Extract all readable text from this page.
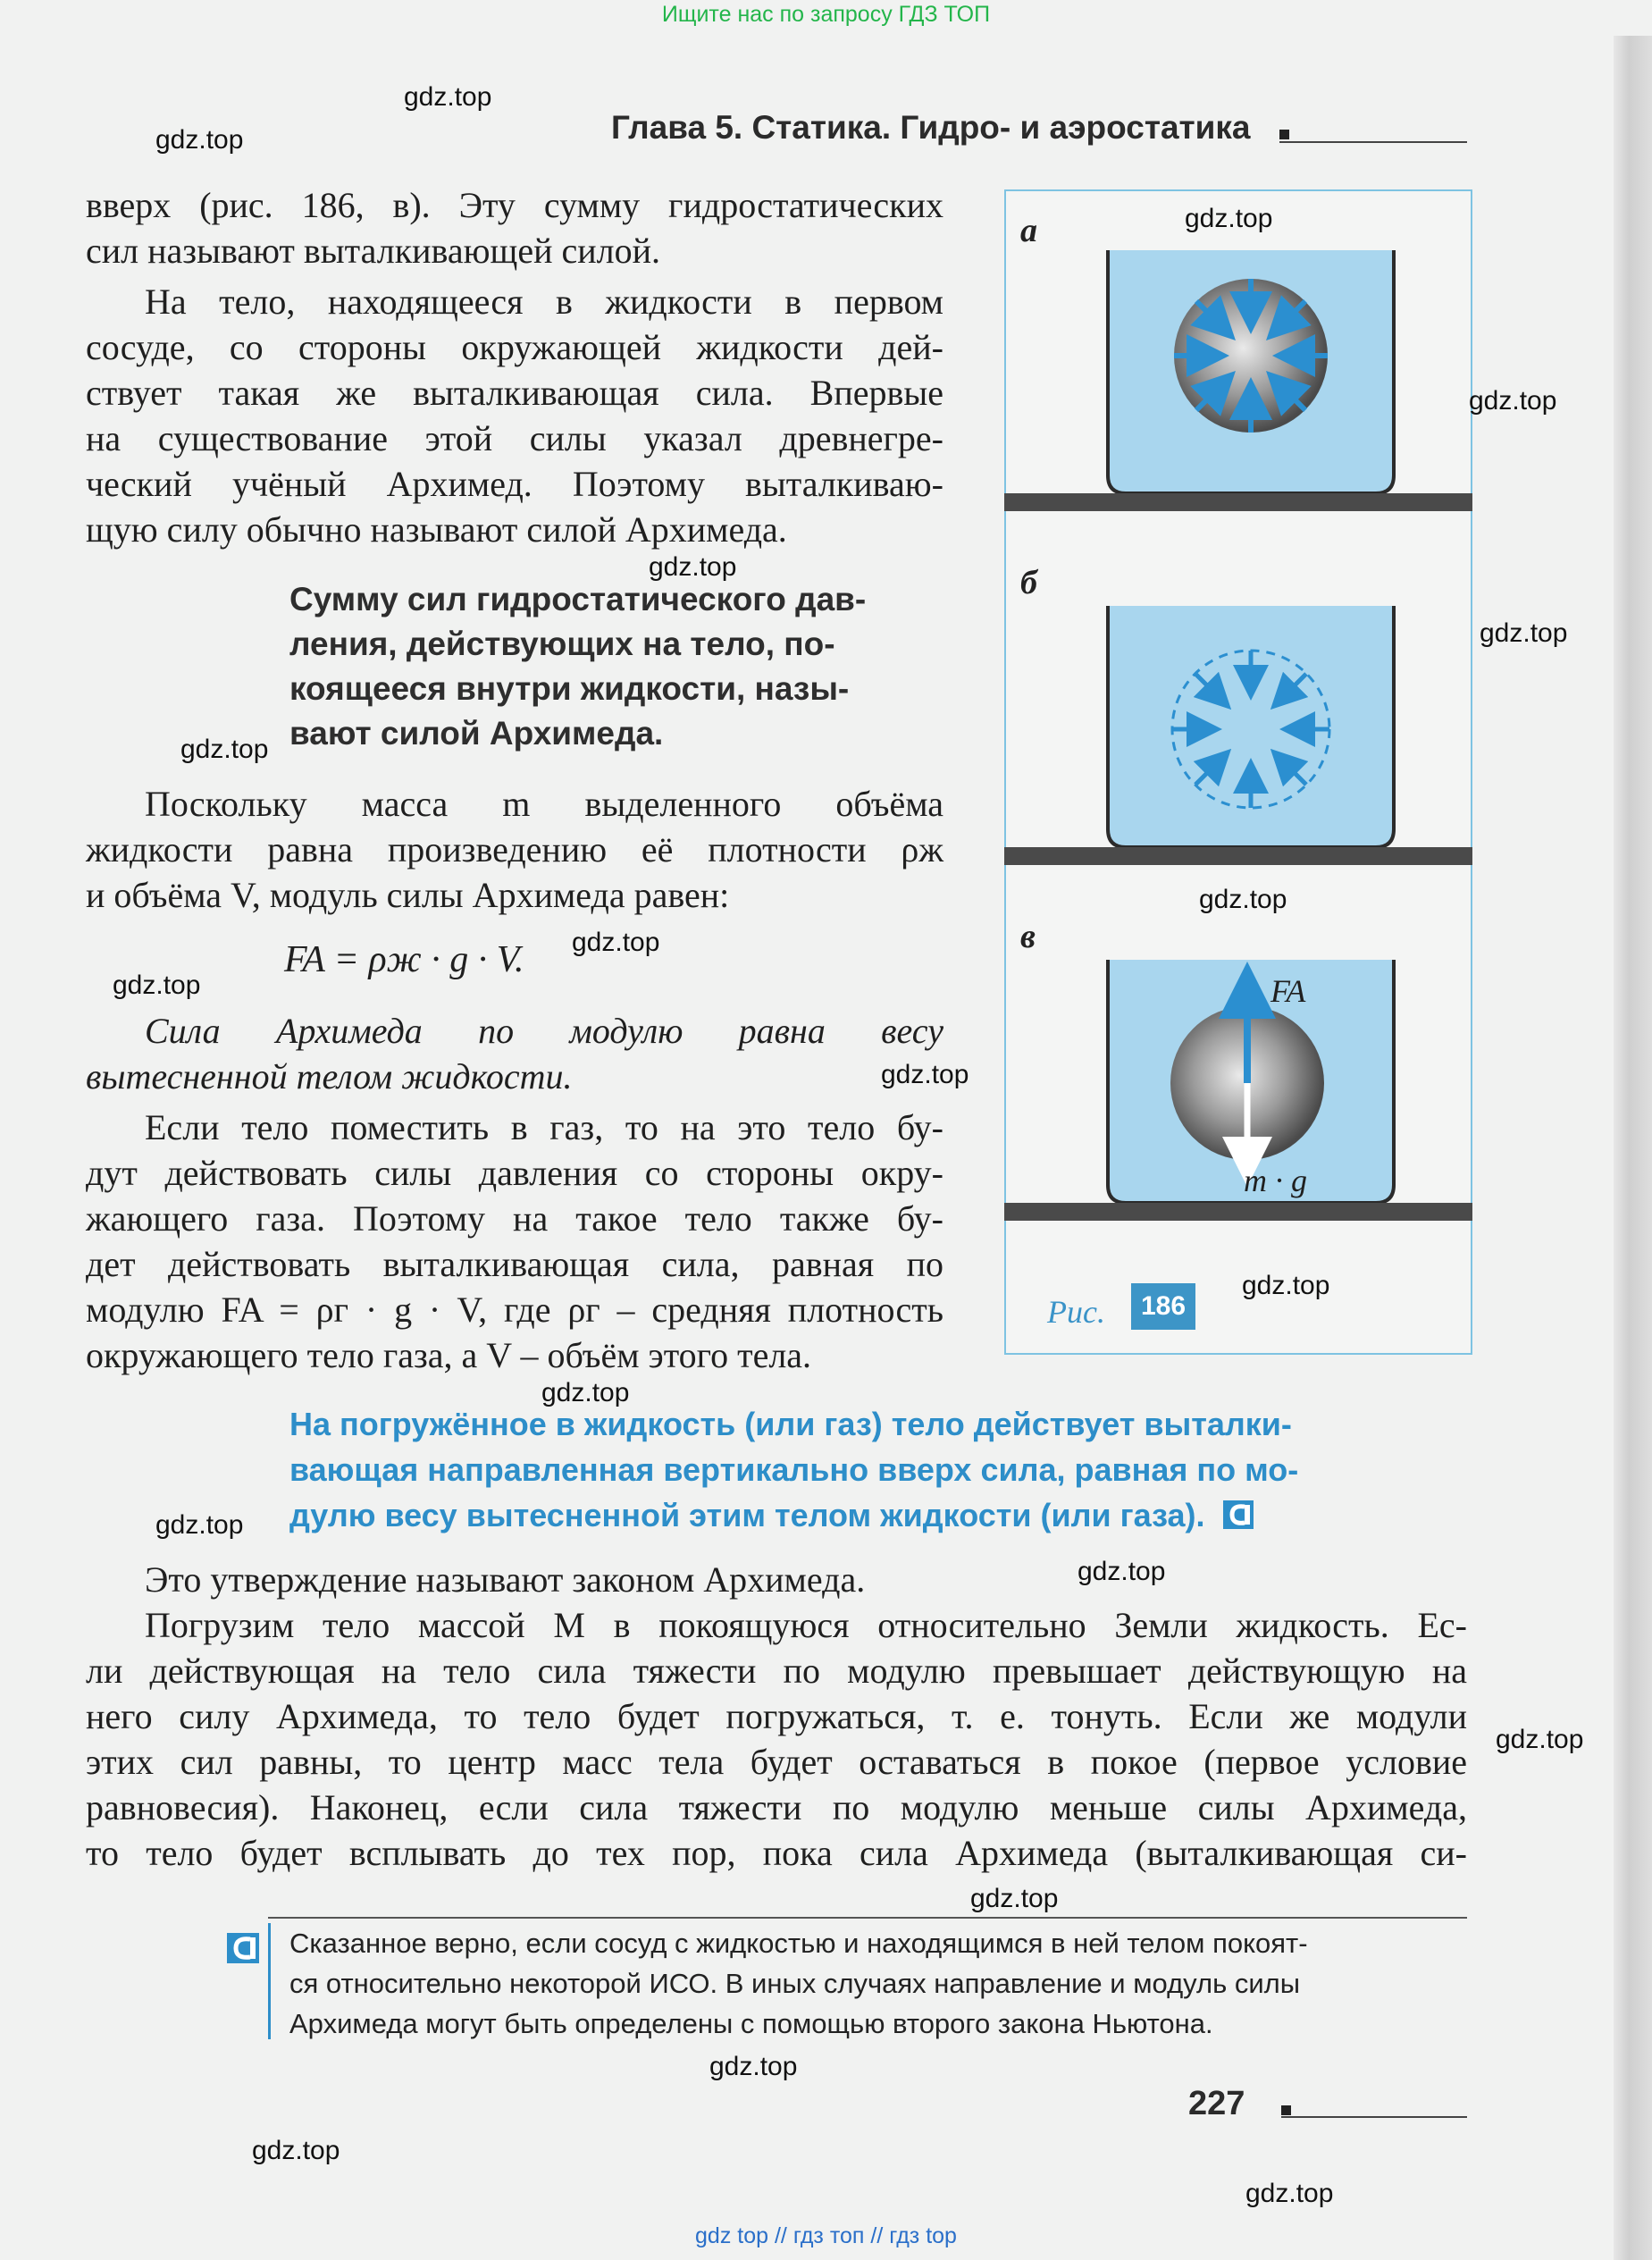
Ищите нас по запросу ГДЗ ТОП
Глава 5. Статика. Гидро- и аэростатика
вверх (рис. 186, в). Эту сумму гидростатических
сил называют выталкивающей силой.
На тело, находящееся в жидкости в первом
сосуде, со стороны окружающей жидкости дей-
ствует такая же выталкивающая сила. Впервые
на существование этой силы указал древнегре-
ческий учёный Архимед. Поэтому выталкиваю-
щую силу обычно называют силой Архимеда.
Сумму сил гидростатического дав-
ления, действующих на тело, по-
коящееся внутри жидкости, назы-
вают силой Архимеда.
Поскольку масса m выделенного объёма
жидкости равна произведению её плотности ρж
и объёма V, модуль силы Архимеда равен:
FA = ρж · g · V.
Сила Архимеда по модулю равна весу
вытесненной телом жидкости.
Если тело поместить в газ, то на это тело бу-
дут действовать силы давления со стороны окру-
жающего газа. Поэтому на такое тело также бу-
дет действовать выталкивающая сила, равная по
модулю FA = ρг · g · V, где ρг – средняя плотность
окружающего тело газа, а V – объём этого тела.
На погружённое в жидкость (или газ) тело действует выталки-
вающая направленная вертикально вверх сила, равная по мо-
дулю весу вытесненной этим телом жидкости (или газа).
Это утверждение называют законом Архимеда.
Погрузим тело массой M в покоящуюся относительно Земли жидкость. Ес-
ли действующая на тело сила тяжести по модулю превышает действующую на
него силу Архимеда, то тело будет погружаться, т. е. тонуть. Если же модули
этих сил равны, то центр масс тела будет оставаться в покое (первое условие
равновесия). Наконец, если сила тяжести по модулю меньше силы Архимеда,
то тело будет всплывать до тех пор, пока сила Архимеда (выталкивающая си-
Сказанное верно, если сосуд с жидкостью и находящимся в ней телом покоят-
ся относительно некоторой ИСО. В иных случаях направление и модуль силы
Архимеда могут быть определены с помощью второго закона Ньютона.
а
б
в
FA
m · g
Рис.	186
227
gdz.top
gdz.top
gdz.top
gdz.top
gdz.top
gdz.top
gdz.top
gdz.top
gdz.top
gdz.top
gdz.top
gdz.top
gdz.top
gdz.top
gdz.top
gdz.top
gdz.top
gdz.top
gdz.top
gdz.top
gdz top // гдз топ // гдз top
